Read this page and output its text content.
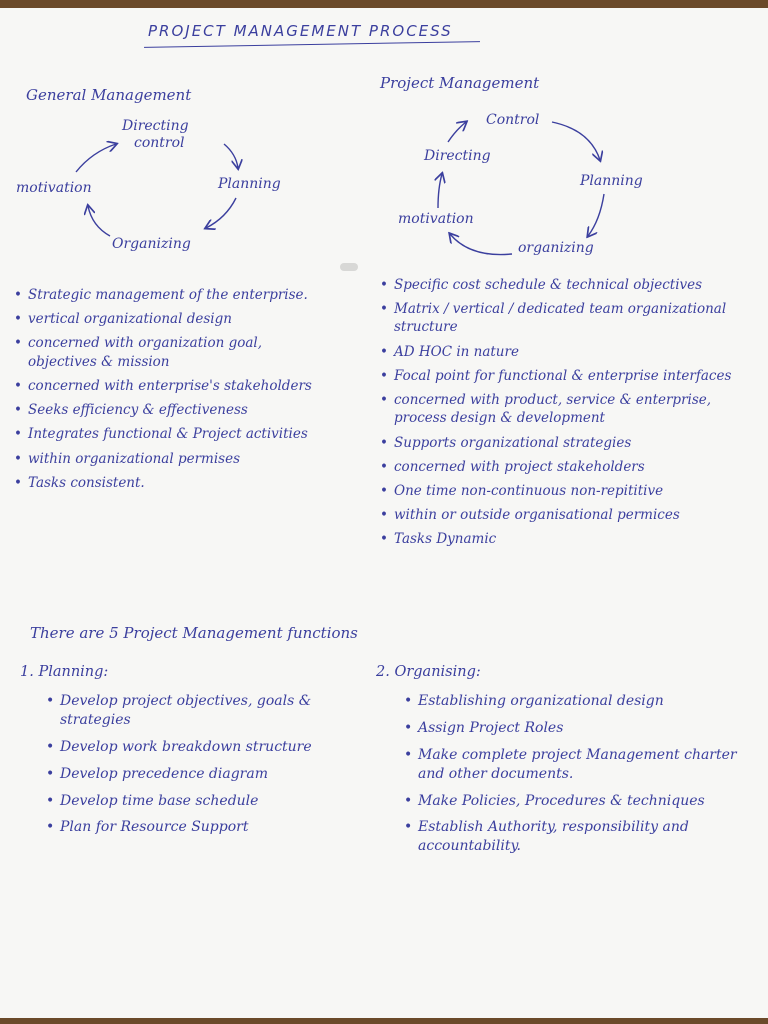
PROJECT MANAGEMENT PROCESS
General Management
Directing
control
Planning
Organizing
motivation
Project Management
Control
Planning
organizing
motivation
Directing
• Strategic management of the enterprise.
• vertical organizational design
• concerned with organization goal, objectives & mission
• concerned with enterprise's stakeholders
• Seeks efficiency & effectiveness
• Integrates functional & Project activities
• within organizational permises
• Tasks consistent.
• Specific cost schedule & technical objectives
• Matrix / vertical / dedicated team organizational structure
• AD HOC in nature
• Focal point for functional & enterprise interfaces
• concerned with product, service & enterprise, process design & development
• Supports organizational strategies
• concerned with project stakeholders
• One time non-continuous non-repititive
• within or outside organisational permices
• Tasks Dynamic
There are 5 Project Management functions
1. Planning:
• Develop project objectives, goals & strategies
• Develop work breakdown structure
• Develop precedence diagram
• Develop time base schedule
• Plan for Resource Support
2. Organising:
• Establishing organizational design
• Assign Project Roles
• Make complete project Management charter and other documents.
• Make Policies, Procedures & techniques
• Establish Authority, responsibility and accountability.
